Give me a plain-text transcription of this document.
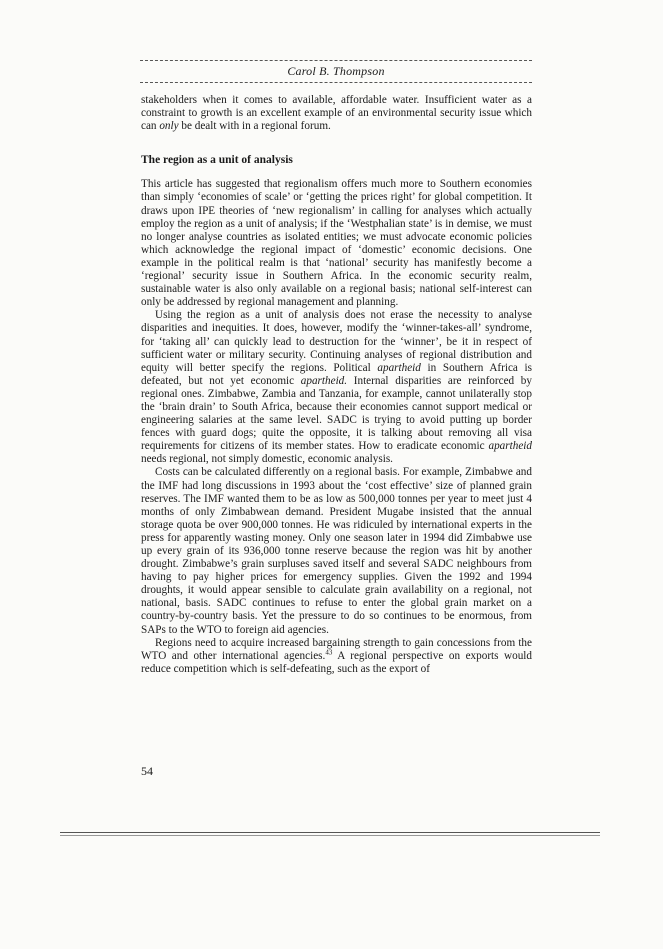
Carol B. Thompson

stakeholders when it comes to available, affordable water. Insufficient water as a constraint to growth is an excellent example of an environmental security issue which can only be dealt with in a regional forum.

The region as a unit of analysis

This article has suggested that regionalism offers much more to Southern economies than simply ‘economies of scale’ or ‘getting the prices right’ for global competition. It draws upon IPE theories of ‘new regionalism’ in calling for analyses which actually employ the region as a unit of analysis; if the ‘Westphalian state’ is in demise, we must no longer analyse countries as isolated entities; we must advocate economic policies which acknowledge the regional impact of ‘domestic’ economic decisions. One example in the political realm is that ‘national’ security has manifestly become a ‘regional’ security issue in Southern Africa. In the economic security realm, sustainable water is also only available on a regional basis; national self-interest can only be addressed by regional management and planning.

Using the region as a unit of analysis does not erase the necessity to analyse disparities and inequities. It does, however, modify the ‘winner-takes-all’ syndrome, for ‘taking all’ can quickly lead to destruction for the ‘winner’, be it in respect of sufficient water or military security. Continuing analyses of regional distribution and equity will better specify the regions. Political apartheid in Southern Africa is defeated, but not yet economic apartheid. Internal disparities are reinforced by regional ones. Zimbabwe, Zambia and Tanzania, for example, cannot unilaterally stop the ‘brain drain’ to South Africa, because their economies cannot support medical or engineering salaries at the same level. SADC is trying to avoid putting up border fences with guard dogs; quite the opposite, it is talking about removing all visa requirements for citizens of its member states. How to eradicate economic apartheid needs regional, not simply domestic, economic analysis.

Costs can be calculated differently on a regional basis. For example, Zimbabwe and the IMF had long discussions in 1993 about the ‘cost effective’ size of planned grain reserves. The IMF wanted them to be as low as 500,000 tonnes per year to meet just 4 months of only Zimbabwean demand. President Mugabe insisted that the annual storage quota be over 900,000 tonnes. He was ridiculed by international experts in the press for apparently wasting money. Only one season later in 1994 did Zimbabwe use up every grain of its 936,000 tonne reserve because the region was hit by another drought. Zimbabwe’s grain surpluses saved itself and several SADC neighbours from having to pay higher prices for emergency supplies. Given the 1992 and 1994 droughts, it would appear sensible to calculate grain availability on a regional, not national, basis. SADC continues to refuse to enter the global grain market on a country-by-country basis. Yet the pressure to do so continues to be enormous, from SAPs to the WTO to foreign aid agencies.

Regions need to acquire increased bargaining strength to gain concessions from the WTO and other international agencies.$^{43}$ A regional perspective on exports would reduce competition which is self-defeating, such as the export of

54
